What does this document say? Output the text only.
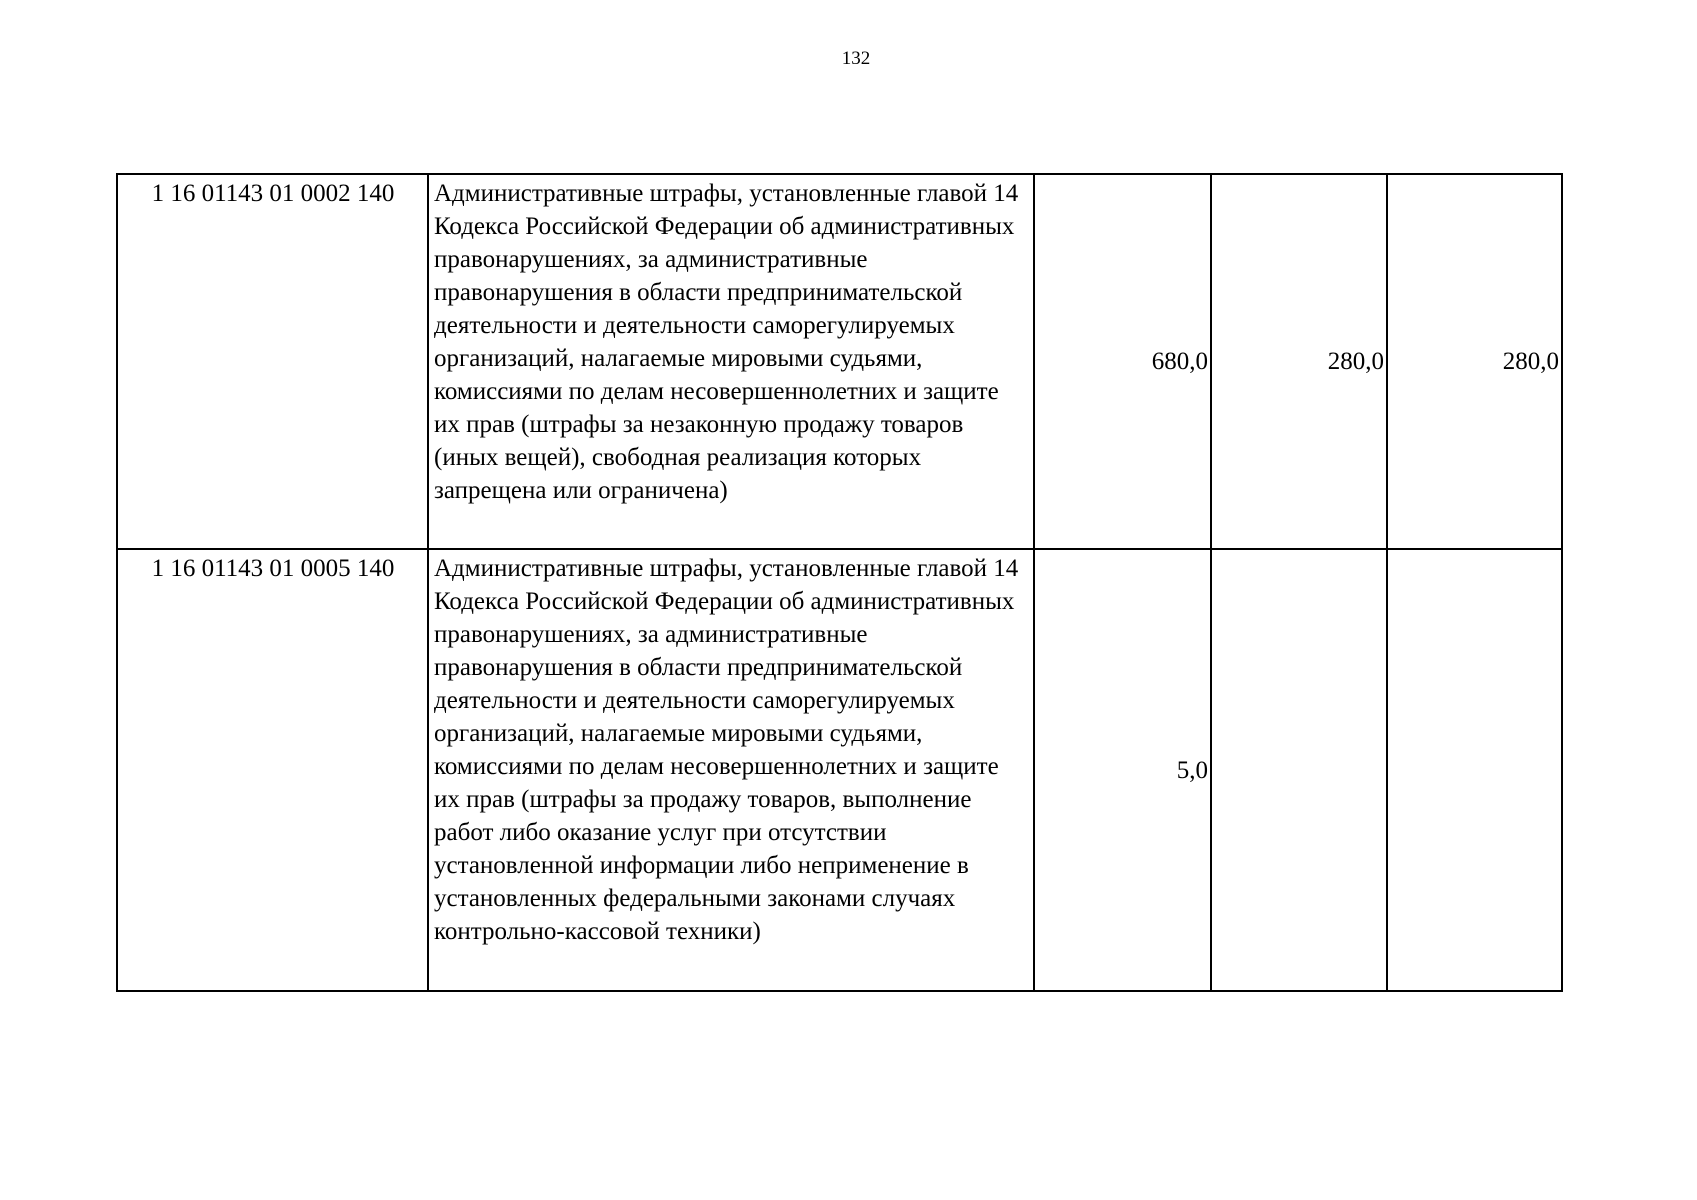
132
1 16 01143 01 0002 140	Административные штрафы, установленные главой 14 Кодекса Российской Федерации об административных правонарушениях, за административные правонарушения в области предпринимательской деятельности и деятельности саморегулируемых организаций, налагаемые мировыми судьями, комиссиями по делам несовершеннолетних и защите их прав (штрафы за незаконную продажу товаров (иных вещей), свободная реализация которых запрещена или ограничена)	680,0	280,0	280,0
1 16 01143 01 0005 140	Административные штрафы, установленные главой 14 Кодекса Российской Федерации об административных правонарушениях, за административные правонарушения в области предпринимательской деятельности и деятельности саморегулируемых организаций, налагаемые мировыми судьями, комиссиями по делам несовершеннолетних и защите их прав (штрафы за продажу товаров, выполнение работ либо оказание услуг при отсутствии установленной информации либо неприменение в установленных федеральными законами случаях контрольно-кассовой техники)	5,0		
